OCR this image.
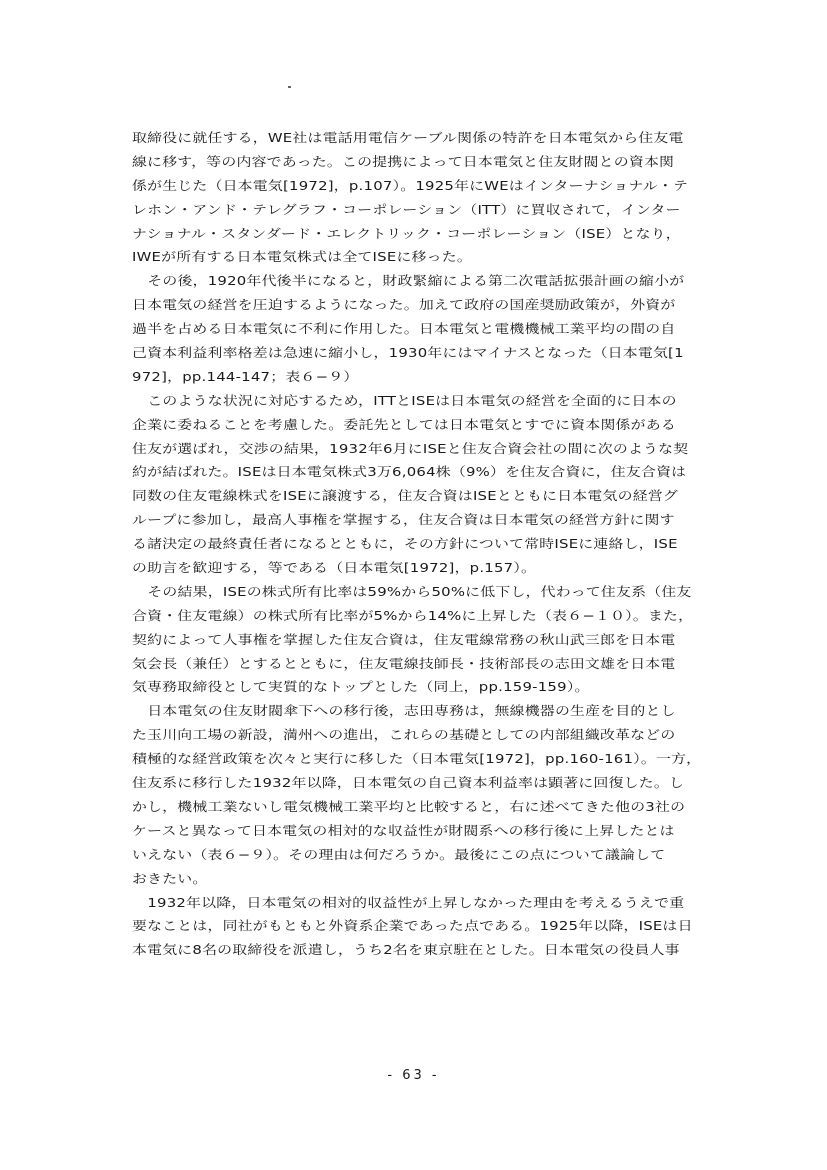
取締役に就任する，WE社は電話用電信ケーブル関係の特許を日本電気から住友電
線に移す，等の内容であった。この提携によって日本電気と住友財閥との資本関
係が生じた（日本電気[1972]，p.107）。1925年にWEはインターナショナル・テ
レホン・アンド・テレグラフ・コーポレーション（ITT）に買収されて，インター
ナショナル・スタンダード・エレクトリック・コーポレーション（ISE）となり，
IWEが所有する日本電気株式は全てISEに移った。
その後，1920年代後半になると，財政緊縮による第二次電話拡張計画の縮小が
日本電気の経営を圧迫するようになった。加えて政府の国産奨励政策が，外資が
過半を占める日本電気に不利に作用した。日本電気と電機機械工業平均の間の自
己資本利益利率格差は急速に縮小し，1930年にはマイナスとなった（日本電気[1
972]，pp.144-147；表６−９）
このような状況に対応するため，ITTとISEは日本電気の経営を全面的に日本の
企業に委ねることを考慮した。委託先としては日本電気とすでに資本関係がある
住友が選ばれ，交渉の結果，1932年6月にISEと住友合資会社の間に次のような契
約が結ばれた。ISEは日本電気株式3万6,064株（9%）を住友合資に，住友合資は
同数の住友電線株式をISEに譲渡する，住友合資はISEとともに日本電気の経営グ
ループに参加し，最高人事権を掌握する，住友合資は日本電気の経営方針に関す
る諸決定の最終責任者になるとともに，その方針について常時ISEに連絡し，ISE
の助言を歓迎する，等である（日本電気[1972]，p.157）。
その結果，ISEの株式所有比率は59%から50%に低下し，代わって住友系（住友
合資・住友電線）の株式所有比率が5%から14%に上昇した（表６−１０）。また，
契約によって人事権を掌握した住友合資は，住友電線常務の秋山武三郎を日本電
気会長（兼任）とするとともに，住友電線技師長・技術部長の志田文雄を日本電
気専務取締役として実質的なトップとした（同上，pp.159-159）。
日本電気の住友財閥傘下への移行後，志田専務は，無線機器の生産を目的とし
た玉川向工場の新設，満州への進出，これらの基礎としての内部組織改革などの
積極的な経営政策を次々と実行に移した（日本電気[1972]，pp.160-161）。一方，
住友系に移行した1932年以降，日本電気の自己資本利益率は顕著に回復した。し
かし，機械工業ないし電気機械工業平均と比較すると，右に述べてきた他の3社の
ケースと異なって日本電気の相対的な収益性が財閥系への移行後に上昇したとは
いえない（表６−９）。その理由は何だろうか。最後にこの点について議論して
おきたい。
1932年以降，日本電気の相対的収益性が上昇しなかった理由を考えるうえで重
要なことは，同社がもともと外資系企業であった点である。1925年以降，ISEは日
本電気に8名の取締役を派遣し，うち2名を東京駐在とした。日本電気の役員人事
- 63 -
